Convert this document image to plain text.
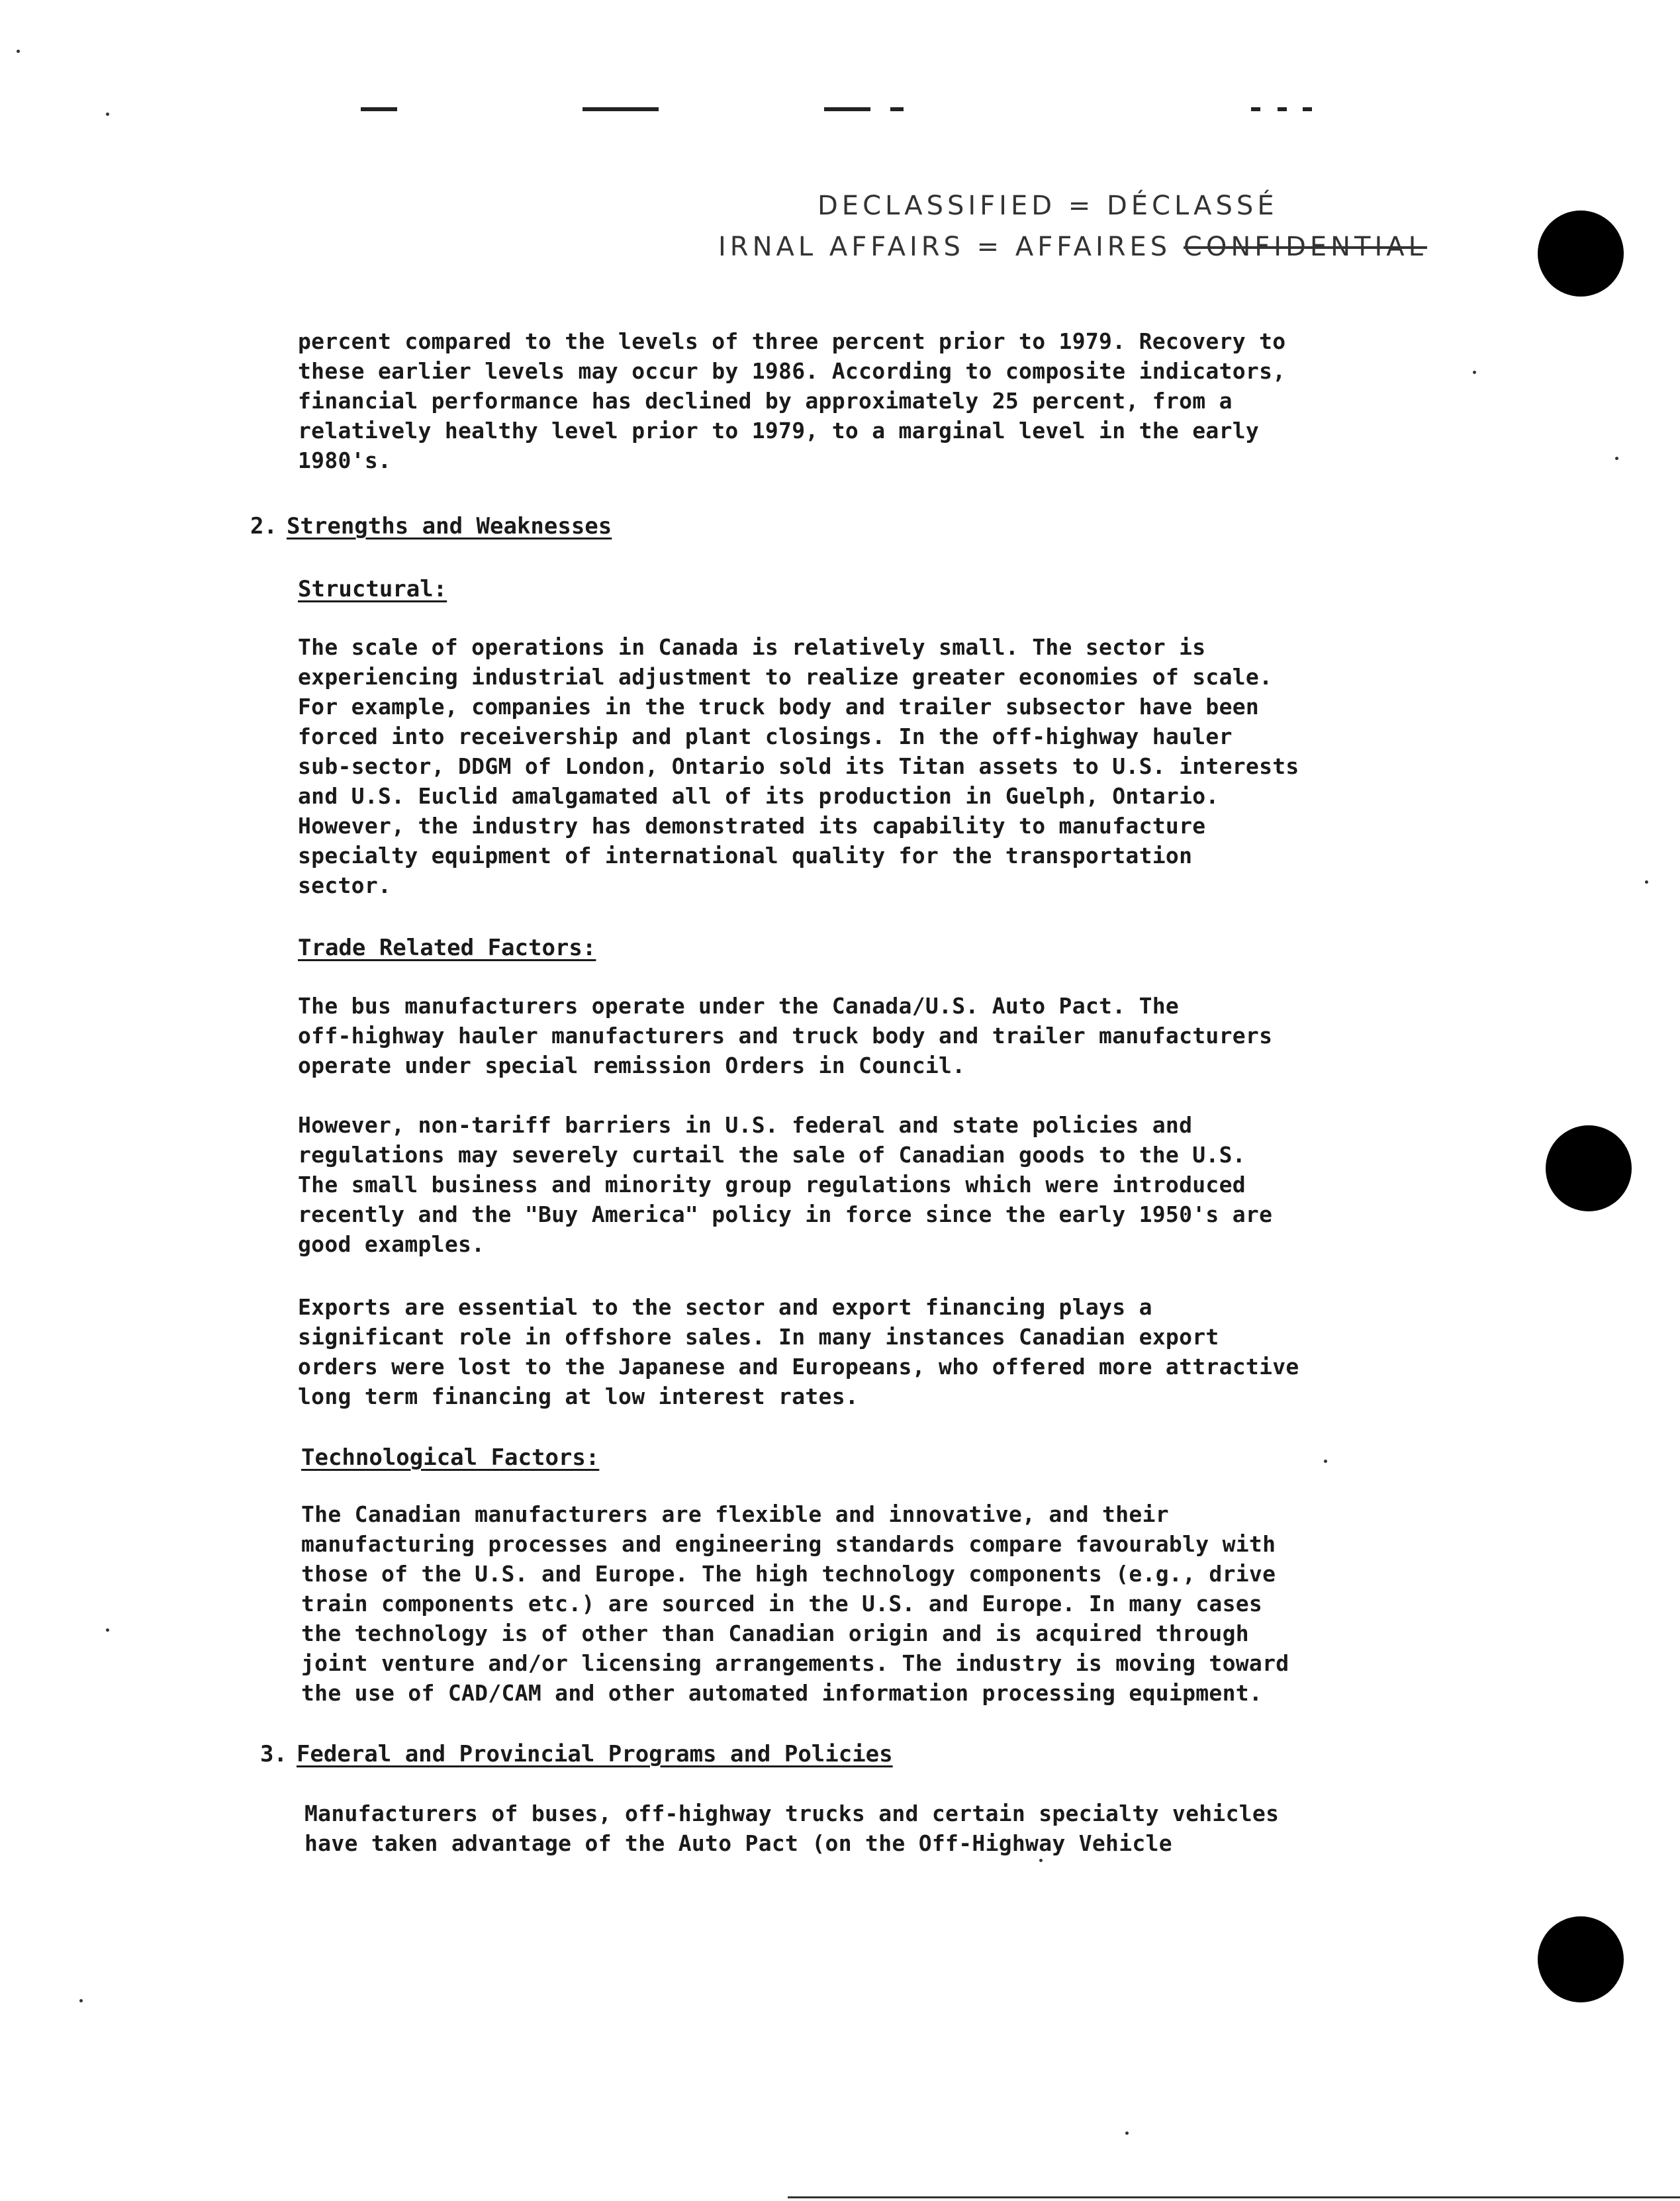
DECLASSIFIED = DÉCLASSÉ
IRNAL AFFAIRS = AFFAIRES CONFIDENTIAL

percent compared to the levels of three percent prior to 1979. Recovery to
these earlier levels may occur by 1986. According to composite indicators,
financial performance has declined by approximately 25 percent, from a
relatively healthy level prior to 1979, to a marginal level in the early
1980's.

2. Strengths and Weaknesses
Structural:

The scale of operations in Canada is relatively small. The sector is
experiencing industrial adjustment to realize greater economies of scale.
For example, companies in the truck body and trailer subsector have been
forced into receivership and plant closings. In the off-highway hauler
sub-sector, DDGM of London, Ontario sold its Titan assets to U.S. interests
and U.S. Euclid amalgamated all of its production in Guelph, Ontario.
However, the industry has demonstrated its capability to manufacture
specialty equipment of international quality for the transportation
sector.

Trade Related Factors:

The bus manufacturers operate under the Canada/U.S. Auto Pact. The
off-highway hauler manufacturers and truck body and trailer manufacturers
operate under special remission Orders in Council.

However, non-tariff barriers in U.S. federal and state policies and
regulations may severely curtail the sale of Canadian goods to the U.S.
The small business and minority group regulations which were introduced
recently and the "Buy America" policy in force since the early 1950's are
good examples.

Exports are essential to the sector and export financing plays a
significant role in offshore sales. In many instances Canadian export
orders were lost to the Japanese and Europeans, who offered more attractive
long term financing at low interest rates.

Technological Factors:

The Canadian manufacturers are flexible and innovative, and their
manufacturing processes and engineering standards compare favourably with
those of the U.S. and Europe. The high technology components (e.g., drive
train components etc.) are sourced in the U.S. and Europe. In many cases
the technology is of other than Canadian origin and is acquired through
joint venture and/or licensing arrangements. The industry is moving toward
the use of CAD/CAM and other automated information processing equipment.

3. Federal and Provincial Programs and Policies

Manufacturers of buses, off-highway trucks and certain specialty vehicles
have taken advantage of the Auto Pact (on the Off-Highway Vehicle
